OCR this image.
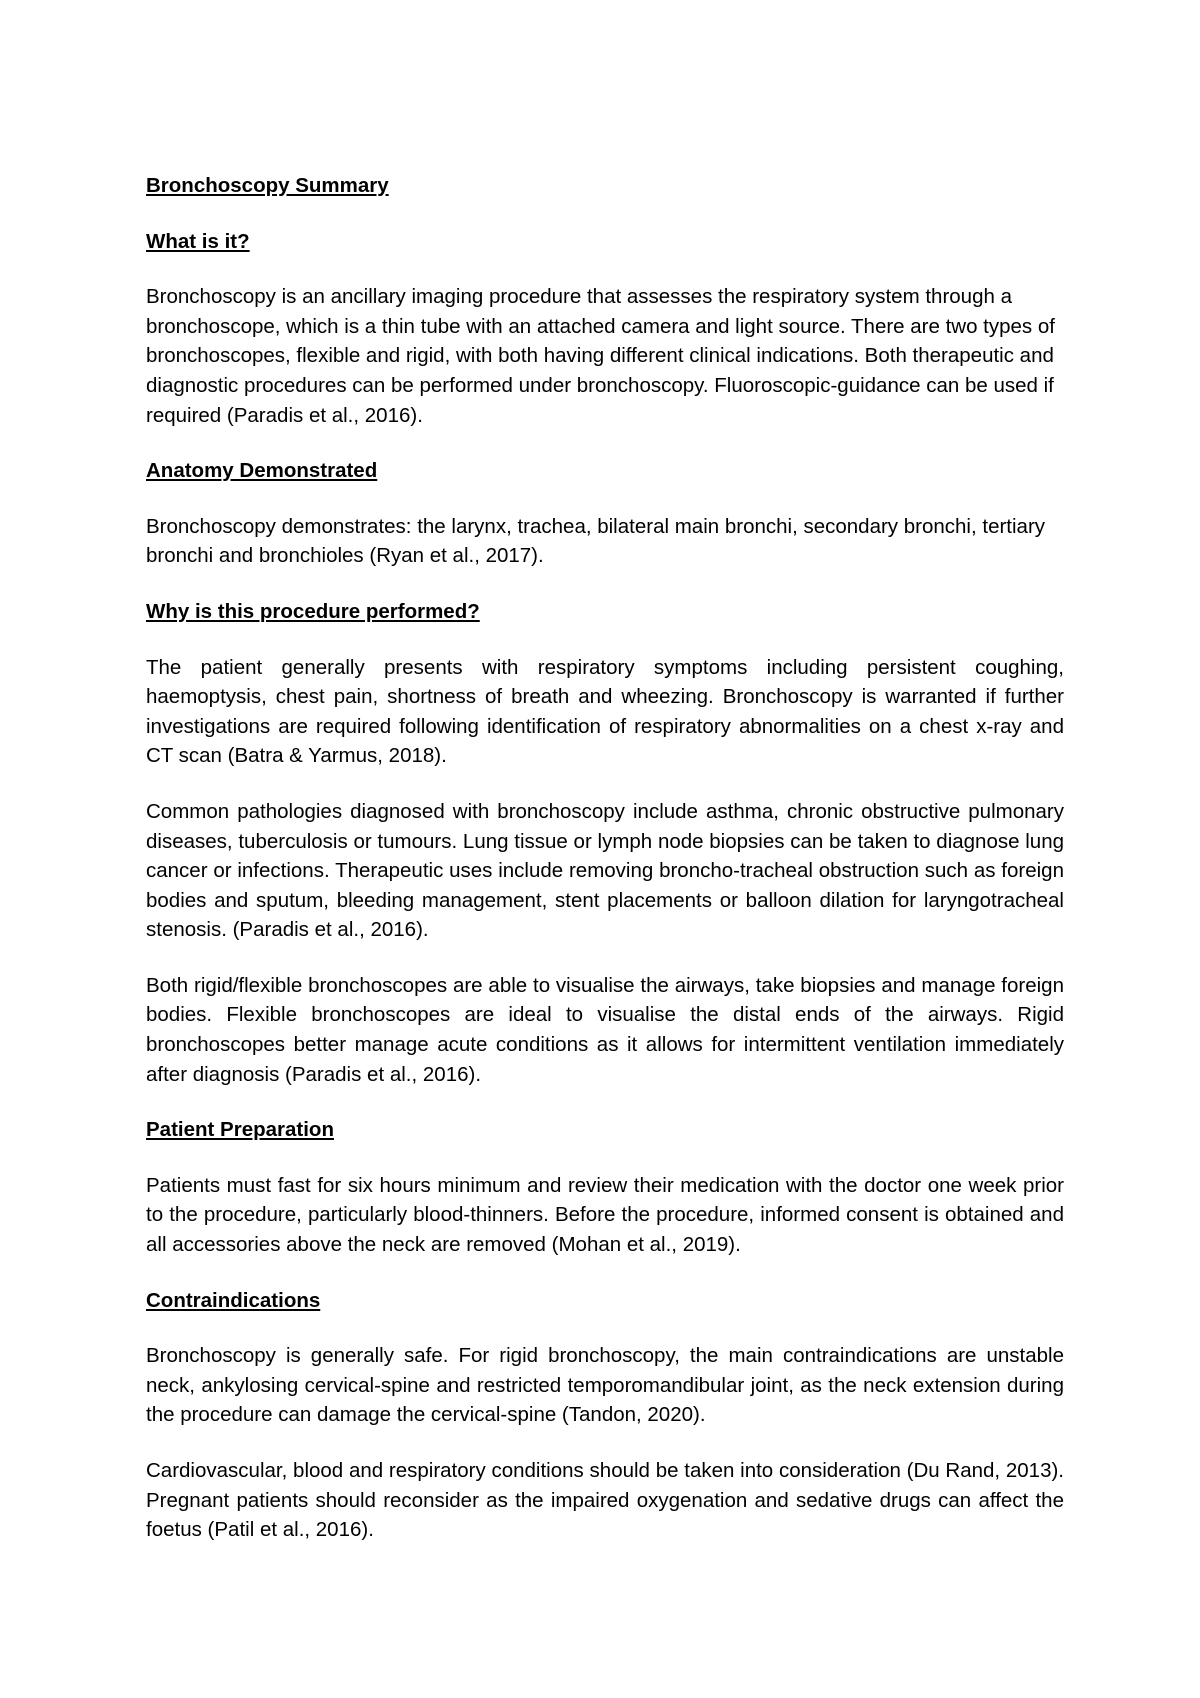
Bronchoscopy Summary
What is it?

Bronchoscopy is an ancillary imaging procedure that assesses the respiratory system through a bronchoscope, which is a thin tube with an attached camera and light source. There are two types of bronchoscopes, flexible and rigid, with both having different clinical indications. Both therapeutic and diagnostic procedures can be performed under bronchoscopy. Fluoroscopic-guidance can be used if required (Paradis et al., 2016).

Anatomy Demonstrated

Bronchoscopy demonstrates: the larynx, trachea, bilateral main bronchi, secondary bronchi, tertiary bronchi and bronchioles (Ryan et al., 2017).

Why is this procedure performed?

The patient generally presents with respiratory symptoms including persistent coughing, haemoptysis, chest pain, shortness of breath and wheezing. Bronchoscopy is warranted if further investigations are required following identification of respiratory abnormalities on a chest x-ray and CT scan (Batra & Yarmus, 2018).

Common pathologies diagnosed with bronchoscopy include asthma, chronic obstructive pulmonary diseases, tuberculosis or tumours. Lung tissue or lymph node biopsies can be taken to diagnose lung cancer or infections. Therapeutic uses include removing broncho-tracheal obstruction such as foreign bodies and sputum, bleeding management, stent placements or balloon dilation for laryngotracheal stenosis. (Paradis et al., 2016).

Both rigid/flexible bronchoscopes are able to visualise the airways, take biopsies and manage foreign bodies. Flexible bronchoscopes are ideal to visualise the distal ends of the airways. Rigid bronchoscopes better manage acute conditions as it allows for intermittent ventilation immediately after diagnosis (Paradis et al., 2016).

Patient Preparation

Patients must fast for six hours minimum and review their medication with the doctor one week prior to the procedure, particularly blood-thinners. Before the procedure, informed consent is obtained and all accessories above the neck are removed (Mohan et al., 2019).

Contraindications

Bronchoscopy is generally safe. For rigid bronchoscopy, the main contraindications are unstable neck, ankylosing cervical-spine and restricted temporomandibular joint, as the neck extension during the procedure can damage the cervical-spine (Tandon, 2020).

Cardiovascular, blood and respiratory conditions should be taken into consideration (Du Rand, 2013). Pregnant patients should reconsider as the impaired oxygenation and sedative drugs can affect the foetus (Patil et al., 2016).
